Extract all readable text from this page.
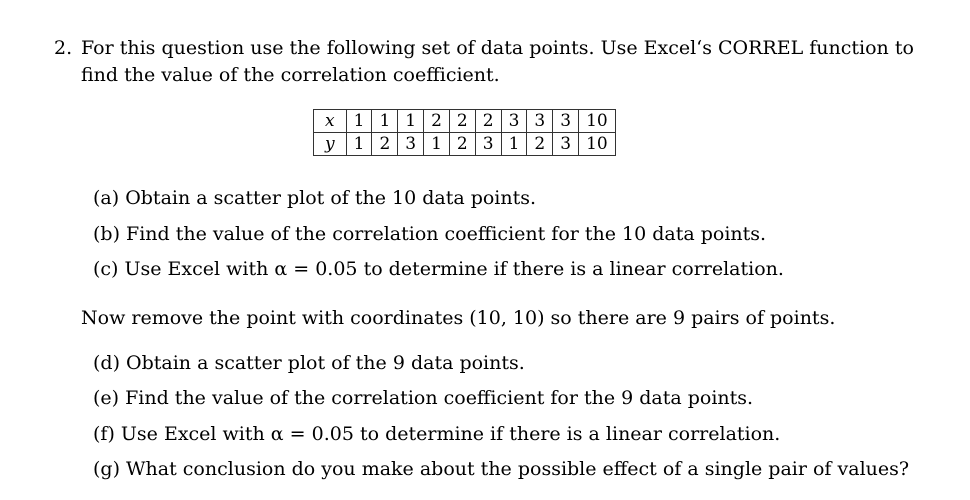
2. For this question use the following set of data points. Use Excel‘s CORREL function to
find the value of the correlation coefficient.
x	1	1	1	2	2	2	3	3	3	10
y	1	2	3	1	2	3	1	2	3	10
(a) Obtain a scatter plot of the 10 data points.
(b) Find the value of the correlation coefficient for the 10 data points.
(c) Use Excel with α = 0.05 to determine if there is a linear correlation.
Now remove the point with coordinates (10, 10) so there are 9 pairs of points.
(d) Obtain a scatter plot of the 9 data points.
(e) Find the value of the correlation coefficient for the 9 data points.
(f) Use Excel with α = 0.05 to determine if there is a linear correlation.
(g) What conclusion do you make about the possible effect of a single pair of values?
